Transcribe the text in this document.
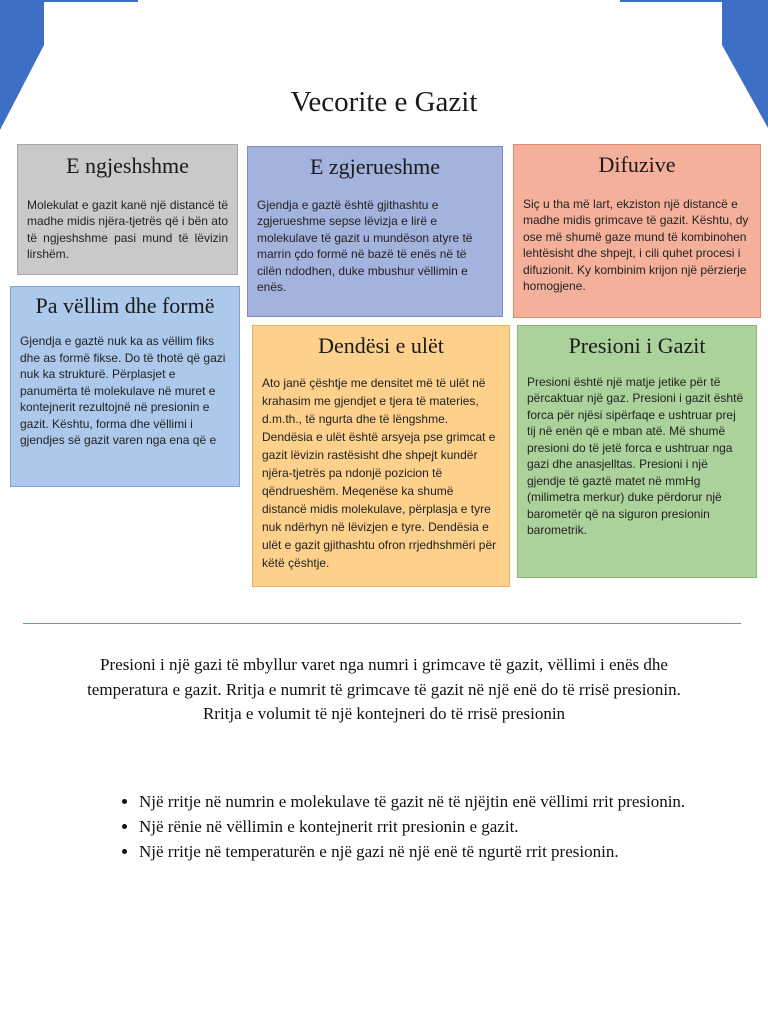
Vecorite e Gazit
E ngjeshshme

Molekulat e gazit kanë një distancë të madhe midis njëra-tjetrës që i bën ato të ngjeshshme pasi mund të lëvizin lirshëm.

E zgjerueshme

Gjendja e gaztë është gjithashtu e zgjerueshme sepse lëvizja e lirë e molekulave të gazit u mundëson atyre të marrin çdo formë në bazë të enës në të cilën ndodhen, duke mbushur vëllimin e enës.

Difuzive

Siç u tha më lart, ekziston një distancë e madhe midis grimcave të gazit. Kështu, dy ose më shumë gaze mund të kombinohen lehtësisht dhe shpejt, i cili quhet procesi i difuzionit. Ky kombinim krijon një përzierje homogjene.

Pa vëllim dhe formë

Gjendja e gaztë nuk ka as vëllim fiks dhe as formë fikse. Do të thotë që gazi nuk ka strukturë. Përplasjet e panumërta të molekulave në muret e kontejnerit rezultojnë në presionin e gazit. Kështu, forma dhe vëllimi i gjendjes së gazit varen nga ena që e

Dendësi e ulët

Ato janë çështje me densitet më të ulët në krahasim me gjendjet e tjera të materies, d.m.th., të ngurta dhe të lëngshme. Dendësia e ulët është arsyeja pse grimcat e gazit lëvizin rastësisht dhe shpejt kundër njëra-tjetrës pa ndonjë pozicion të qëndrueshëm. Meqenëse ka shumë distancë midis molekulave, përplasja e tyre nuk ndërhyn në lëvizjen e tyre. Dendësia e ulët e gazit gjithashtu ofron rrjedhshmëri për këtë çështje.

Presioni i Gazit

Presioni është një matje jetike për të përcaktuar një gaz. Presioni i gazit është forca për njësi sipërfaqe e ushtruar prej tij në enën që e mban atë. Më shumë presioni do të jetë forca e ushtruar nga gazi dhe anasjelltas. Presioni i një gjendje të gaztë matet në mmHg (milimetra merkur) duke përdorur një barometër që na siguron presionin barometrik.

Presioni i një gazi të mbyllur varet nga numri i grimcave të gazit, vëllimi i enës dhe temperatura e gazit. Rritja e numrit të grimcave të gazit në një enë do të rrisë presionin. Rritja e volumit të një kontejneri do të rrisë presionin
• Një rritje në numrin e molekulave të gazit në të njëjtin enë vëllimi rrit presionin.
• Një rënie në vëllimin e kontejnerit rrit presionin e gazit.
• Një rritje në temperaturën e një gazi në një enë të ngurtë rrit presionin.
